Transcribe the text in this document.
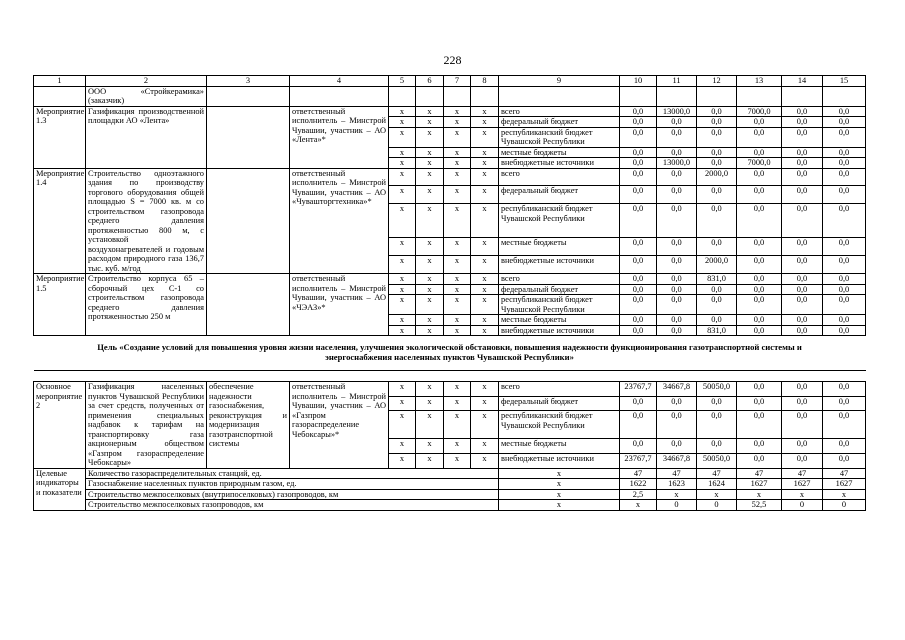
228
1	2	3	4	5	6	7	8	9	10	11	12	13	14	15
	ООО «Стройкерамика» (заказчик)													
Мероприятие 1.3	Газификация производственной площадки АО «Лента»		ответственный исполнитель – Минстрой Чувашии, участник – АО «Лента»*	х	х	х	х	всего	0,0	13000,0	0,0	7000,0	0,0	0,0
				х	х	х	х	федеральный бюджет	0,0	0,0	0,0	0,0	0,0	0,0
				х	х	х	х	республиканский бюджет Чувашской Республики	0,0	0,0	0,0	0,0	0,0	0,0
				х	х	х	х	местные бюджеты	0,0	0,0	0,0	0,0	0,0	0,0
				х	х	х	х	внебюджетные источники	0,0	13000,0	0,0	7000,0	0,0	0,0
Мероприятие 1.4	Строительство одноэтажного здания по производству торгового оборудования общей площадью S = 7000 кв. м со строительством газопровода среднего давления протяженностью 800 м, с установкой воздухонагревателей и годовым расходом природного газа 136,7 тыс. куб. м/год		ответственный исполнитель – Минстрой Чувашии, участник – АО «Чувашторгтехника»*	х	х	х	х	всего	0,0	0,0	2000,0	0,0	0,0	0,0
				х	х	х	х	федеральный бюджет	0,0	0,0	0,0	0,0	0,0	0,0
				х	х	х	х	республиканский бюджет Чувашской Республики	0,0	0,0	0,0	0,0	0,0	0,0
				х	х	х	х	местные бюджеты	0,0	0,0	0,0	0,0	0,0	0,0
				х	х	х	х	внебюджетные источники	0,0	0,0	2000,0	0,0	0,0	0,0
Мероприятие 1.5	Строительство корпуса 65 – сборочный цех С-1 со строительством газопровода среднего давления протяженностью 250 м		ответственный исполнитель – Минстрой Чувашии, участник – АО «ЧЭАЗ»*	х	х	х	х	всего	0,0	0,0	831,0	0,0	0,0	0,0
				х	х	х	х	федеральный бюджет	0,0	0,0	0,0	0,0	0,0	0,0
				х	х	х	х	республиканский бюджет Чувашской Республики	0,0	0,0	0,0	0,0	0,0	0,0
				х	х	х	х	местные бюджеты	0,0	0,0	0,0	0,0	0,0	0,0
				х	х	х	х	внебюджетные источники	0,0	0,0	831,0	0,0	0,0	0,0
Цель «Создание условий для повышения уровня жизни населения, улучшения экологической обстановки, повышения надежности функционирования газотранспортной системы и энергоснабжения населенных пунктов Чувашской Республики»														

Основное мероприятие 2	Газификация населенных пунктов Чувашской Республики за счет средств, полученных от применения специальных надбавок к тарифам на транспортировку газа акционерным обществом «Газпром газораспределение Чебоксары»	обеспечение надежности газоснабжения, реконструкция и модернизация газотранспортной системы	ответственный исполнитель – Минстрой Чувашии, участник – АО «Газпром газораспределение Чебоксары»*	х	х	х	х	всего	23767,7	34667,8	50050,0	0,0	0,0	0,0
				х	х	х	х	федеральный бюджет	0,0	0,0	0,0	0,0	0,0	0,0
				х	х	х	х	республиканский бюджет Чувашской Республики	0,0	0,0	0,0	0,0	0,0	0,0
				х	х	х	х	местные бюджеты	0,0	0,0	0,0	0,0	0,0	0,0
				х	х	х	х	внебюджетные источники	23767,7	34667,8	50050,0	0,0	0,0	0,0
Целевые индикаторы и показатели	Количество газораспределительных станций, ед.							х	47	47	47	47	47	47
	Газоснабжение населенных пунктов природным газом, ед.							х	1622	1623	1624	1627	1627	1627
	Строительство межпоселковых (внутрипоселковых) газопроводов, км							х	2,5	х	х	х	х	х
	Строительство межпоселковых газопроводов, км							х	х	0	0	52,5	0	0
